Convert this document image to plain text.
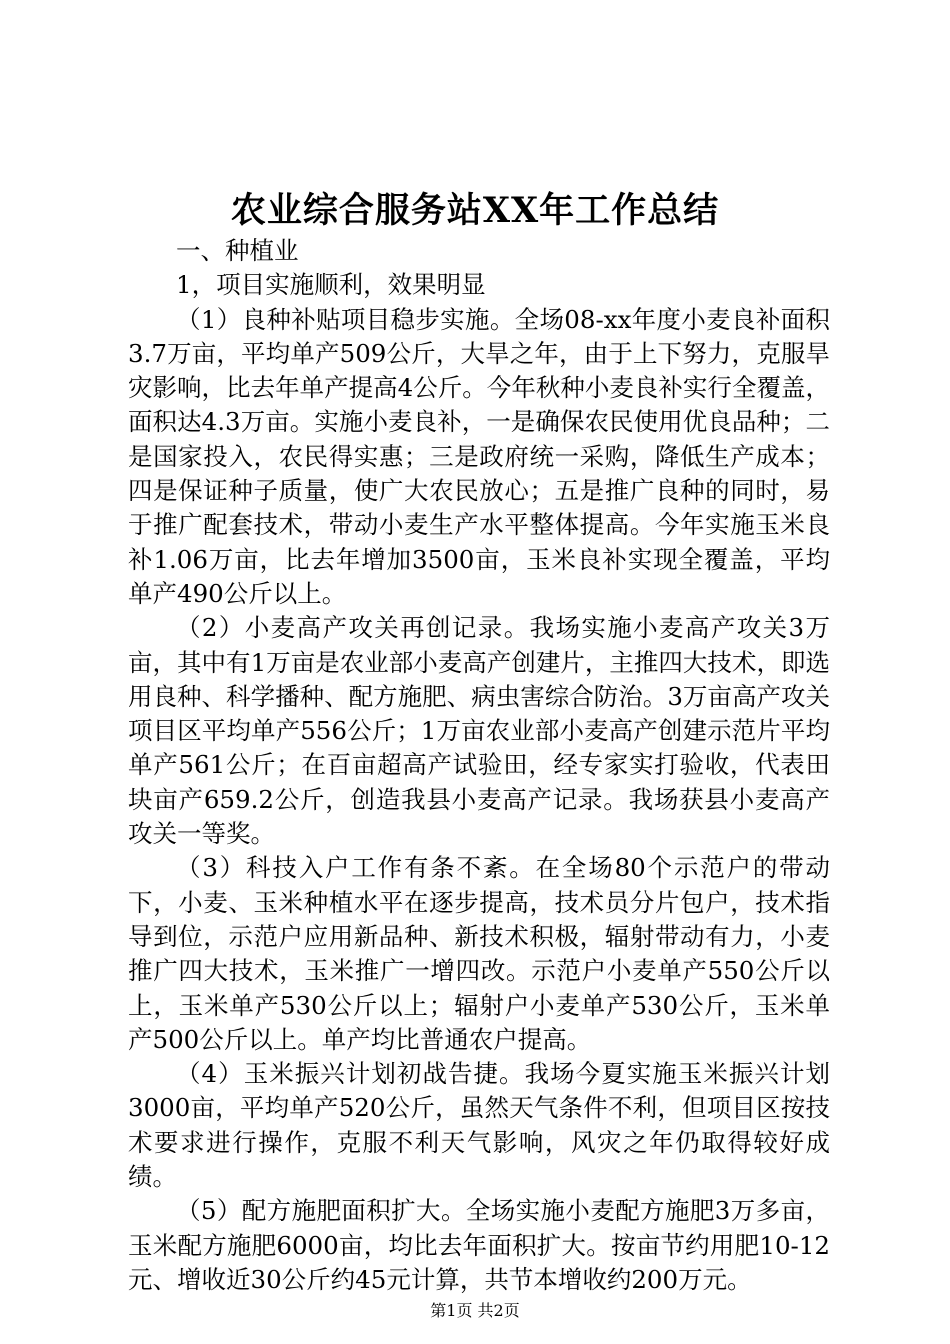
农业综合服务站XX年工作总结

一、种植业

1，项目实施顺利，效果明显

（1）良种补贴项目稳步实施。全场08-xx年度小麦良补面积3.7万亩，平均单产509公斤，大旱之年，由于上下努力，克服旱灾影响，比去年单产提高4公斤。今年秋种小麦良补实行全覆盖，面积达4.3万亩。实施小麦良补，一是确保农民使用优良品种；二是国家投入，农民得实惠；三是政府统一采购，降低生产成本；四是保证种子质量，使广大农民放心；五是推广良种的同时，易于推广配套技术，带动小麦生产水平整体提高。今年实施玉米良补1.06万亩，比去年增加3500亩，玉米良补实现全覆盖，平均单产490公斤以上。

（2）小麦高产攻关再创记录。我场实施小麦高产攻关3万亩，其中有1万亩是农业部小麦高产创建片，主推四大技术，即选用良种、科学播种、配方施肥、病虫害综合防治。3万亩高产攻关项目区平均单产556公斤；1万亩农业部小麦高产创建示范片平均单产561公斤；在百亩超高产试验田，经专家实打验收，代表田块亩产659.2公斤，创造我县小麦高产记录。我场获县小麦高产攻关一等奖。

（3）科技入户工作有条不紊。在全场80个示范户的带动下，小麦、玉米种植水平在逐步提高，技术员分片包户，技术指导到位，示范户应用新品种、新技术积极，辐射带动有力，小麦推广四大技术，玉米推广一增四改。示范户小麦单产550公斤以上，玉米单产530公斤以上；辐射户小麦单产530公斤，玉米单产500公斤以上。单产均比普通农户提高。

（4）玉米振兴计划初战告捷。我场今夏实施玉米振兴计划3000亩，平均单产520公斤，虽然天气条件不利，但项目区按技术要求进行操作，克服不利天气影响，风灾之年仍取得较好成绩。

（5）配方施肥面积扩大。全场实施小麦配方施肥3万多亩，玉米配方施肥6000亩，均比去年面积扩大。按亩节约用肥10-12元、增收近30公斤约45元计算，共节本增收约200万元。

第1页 共2页
